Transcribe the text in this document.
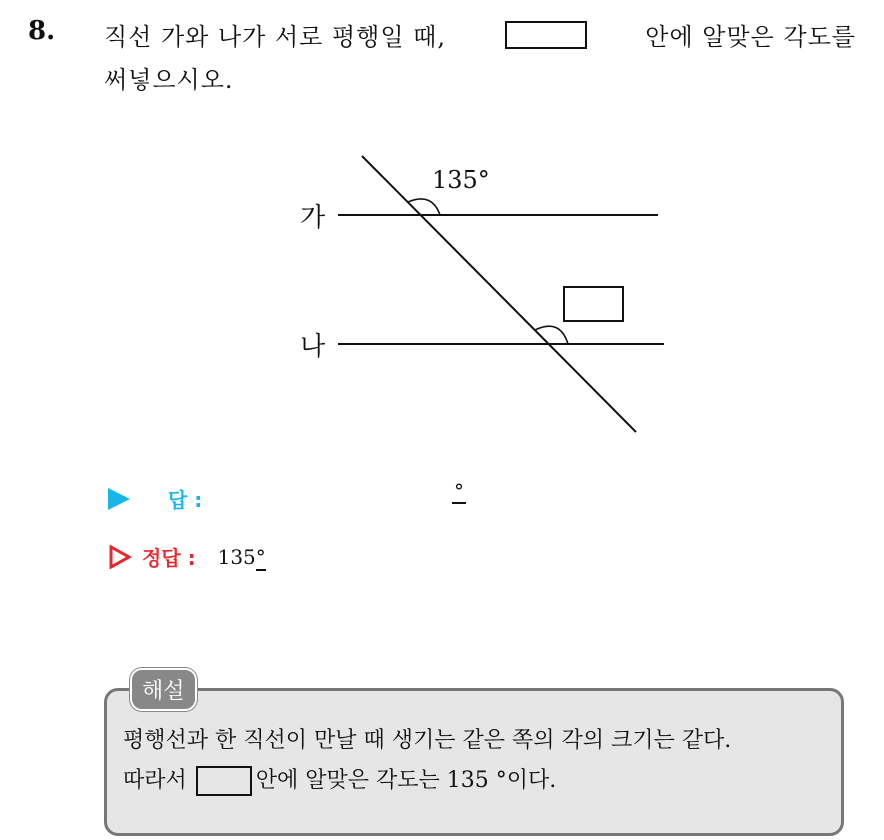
8. 직선 가와 나가 서로 평행일 때,	안에 알맞은 각도를
써넣으시오.
135°
가
나
답 :	°
정답 : 135°
평행선과 한 직선이 만날 때 생기는 같은 쪽의 각의 크기는 같다.
따라서	안에 알맞은 각도는 135 °이다.
해설
